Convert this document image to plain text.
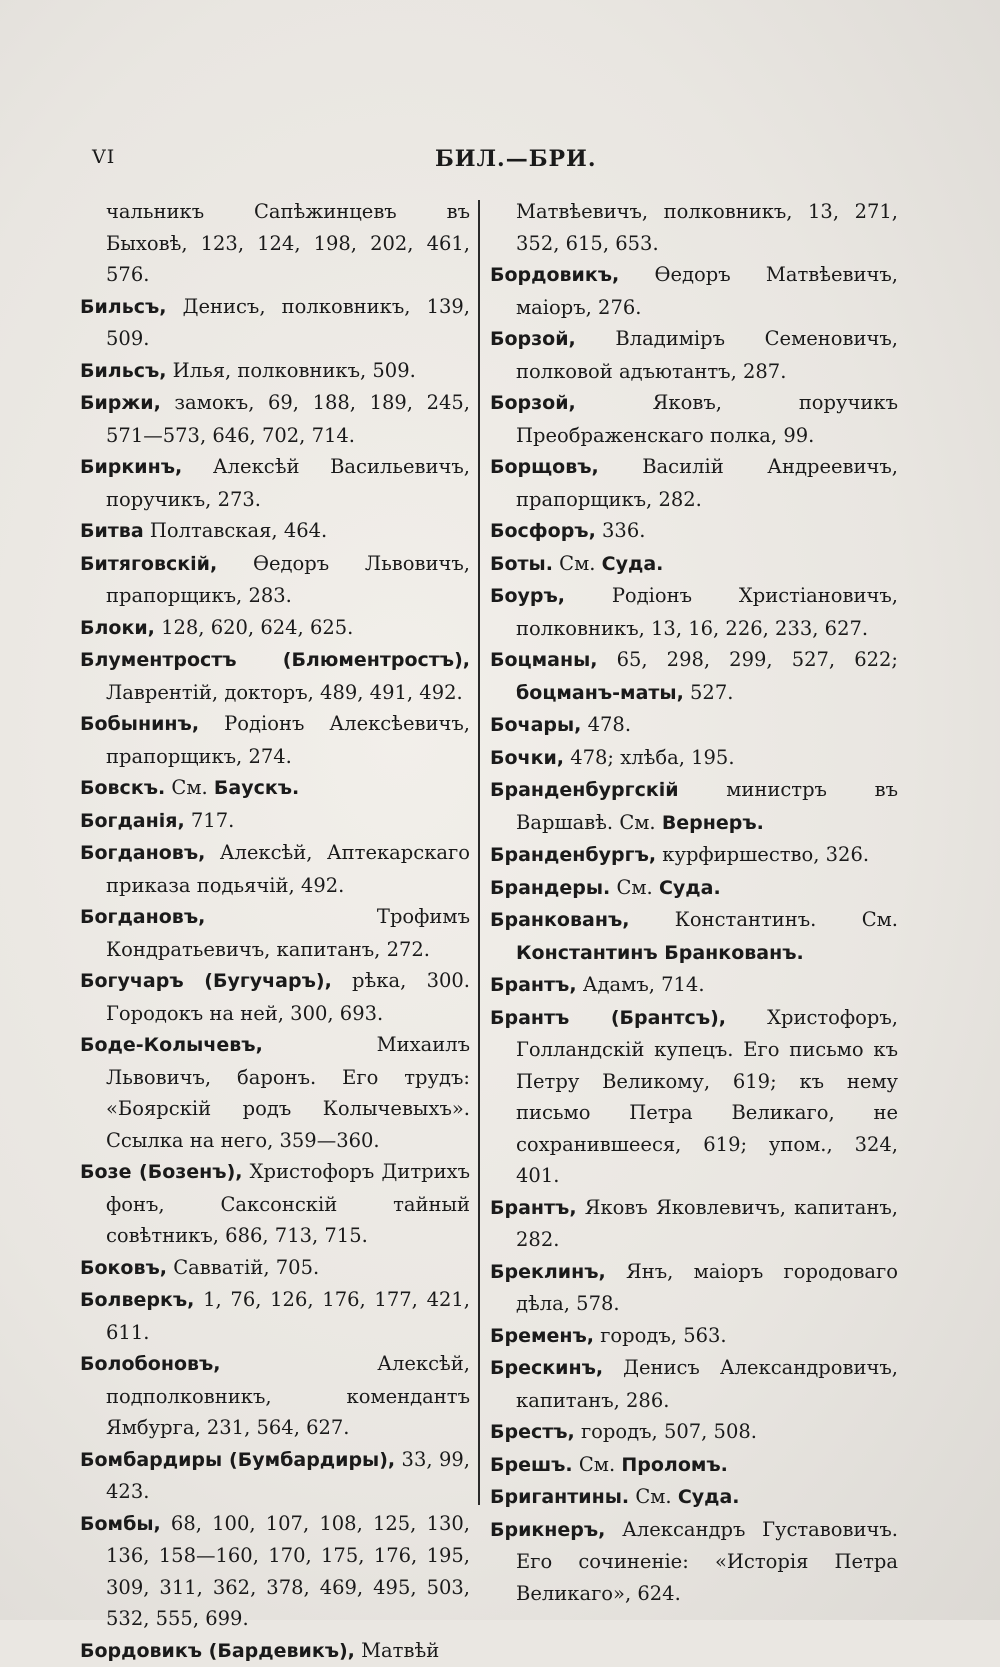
VI	БИЛ.—БРИ.
чальникъ Сапѣжинцевъ въ Быховѣ, 123, 124, 198, 202, 461, 576.
Бильсъ, Денисъ, полковникъ, 139, 509.
Бильсъ, Илья, полковникъ, 509.
Биржи, замокъ, 69, 188, 189, 245, 571—573, 646, 702, 714.
Биркинъ, Алексѣй Васильевичъ, поручикъ, 273.
Битва Полтавская, 464.
Битяговскій, Өедоръ Львовичъ, прапорщикъ, 283.
Блоки, 128, 620, 624, 625.
Блументростъ (Блюментростъ), Лаврентій, докторъ, 489, 491, 492.
Бобынинъ, Родіонъ Алексѣевичъ, прапорщикъ, 274.
Бовскъ. См. Баускъ.
Богданія, 717.
Богдановъ, Алексѣй, Аптекарскаго приказа подьячій, 492.
Богдановъ, Трофимъ Кондратьевичъ, капитанъ, 272.
Богучаръ (Бугучаръ), рѣка, 300. Городокъ на ней, 300, 693.
Боде-Колычевъ, Михаилъ Львовичъ, баронъ. Его трудъ: «Боярскій родъ Колычевыхъ». Ссылка на него, 359—360.
Бозе (Бозенъ), Христофоръ Дитрихъ фонъ, Саксонскій тайный совѣтникъ, 686, 713, 715.
Боковъ, Савватій, 705.
Болверкъ, 1, 76, 126, 176, 177, 421, 611.
Болобоновъ, Алексѣй, подполковникъ, комендантъ Ямбурга, 231, 564, 627.
Бомбардиры (Бумбардиры), 33, 99, 423.
Бомбы, 68, 100, 107, 108, 125, 130, 136, 158—160, 170, 175, 176, 195, 309, 311, 362, 378, 469, 495, 503, 532, 555, 699.
Бордовикъ (Бардевикъ), Матвѣй
Матвѣевичъ, полковникъ, 13, 271, 352, 615, 653.
Бордовикъ, Өедоръ Матвѣевичъ, маіоръ, 276.
Борзой, Владиміръ Семеновичъ, полковой адъютантъ, 287.
Борзой, Яковъ, поручикъ Преображенскаго полка, 99.
Борщовъ, Василій Андреевичъ, прапорщикъ, 282.
Босфоръ, 336.
Боты. См. Суда.
Боуръ, Родіонъ Христіановичъ, полковникъ, 13, 16, 226, 233, 627.
Боцманы, 65, 298, 299, 527, 622; боцманъ-маты, 527.
Бочары, 478.
Бочки, 478; хлѣба, 195.
Бранденбургскій министръ въ Варшавѣ. См. Вернеръ.
Бранденбургъ, курфиршество, 326.
Брандеры. См. Суда.
Бранкованъ, Константинъ. См. Константинъ Бранкованъ.
Брантъ, Адамъ, 714.
Брантъ (Брантсъ), Христофоръ, Голландскій купецъ. Его письмо къ Петру Великому, 619; къ нему письмо Петра Великаго, не сохранившееся, 619; упом., 324, 401.
Брантъ, Яковъ Яковлевичъ, капитанъ, 282.
Бреклинъ, Янъ, маіоръ городоваго дѣла, 578.
Бременъ, городъ, 563.
Брескинъ, Денисъ Александровичъ, капитанъ, 286.
Брестъ, городъ, 507, 508.
Брешъ. См. Проломъ.
Бригантины. См. Суда.
Брикнеръ, Александръ Густавовичъ. Его сочиненіе: «Исторія Петра Великаго», 624.
